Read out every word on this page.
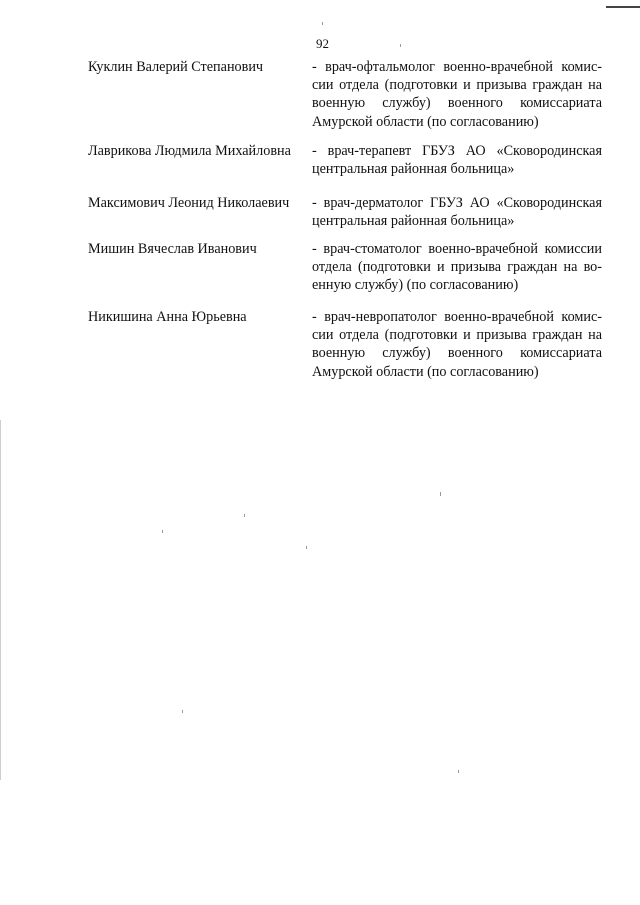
92
Куклин Валерий Степанович	- врач-офтальмолог военно-врачебной комис-
сии отдела (подготовки и призыва граждан на
военную службу) военного комиссариата
Амурской области (по согласованию)
Лаврикова Людмила Михайловна	- врач-терапевт ГБУЗ АО «Сковородинская
центральная районная больница»
Максимович Леонид Николаевич	- врач-дерматолог ГБУЗ АО «Сковородинская
центральная районная больница»
Мишин Вячеслав Иванович	- врач-стоматолог военно-врачебной комиссии
отдела (подготовки и призыва граждан на во-
енную службу) (по согласованию)
Никишина Анна Юрьевна	- врач-невропатолог военно-врачебной комис-
сии отдела (подготовки и призыва граждан на
военную службу) военного комиссариата
Амурской области (по согласованию)
